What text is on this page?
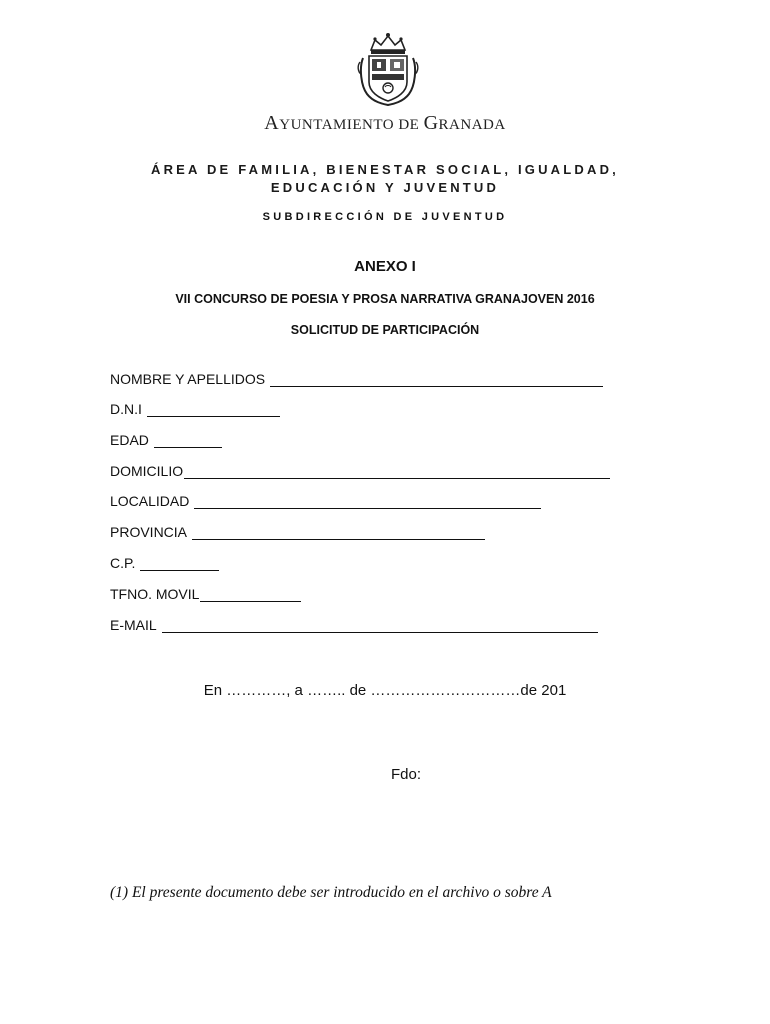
AYUNTAMIENTO DE GRANADA
ÁREA DE FAMILIA, BIENESTAR SOCIAL, IGUALDAD,
EDUCACIÓN Y JUVENTUD
SUBDIRECCIÓN DE JUVENTUD
ANEXO I
VII CONCURSO DE POESIA Y PROSA NARRATIVA GRANAJOVEN 2016
SOLICITUD DE PARTICIPACIÓN
NOMBRE Y APELLIDOS
D.N.I
EDAD
DOMICILIO
LOCALIDAD
PROVINCIA
C.P.
TFNO. MOVIL
E-MAIL
En …………, a …….. de …………………………de 201
Fdo:
(1) El presente documento debe ser introducido en el archivo o sobre A
